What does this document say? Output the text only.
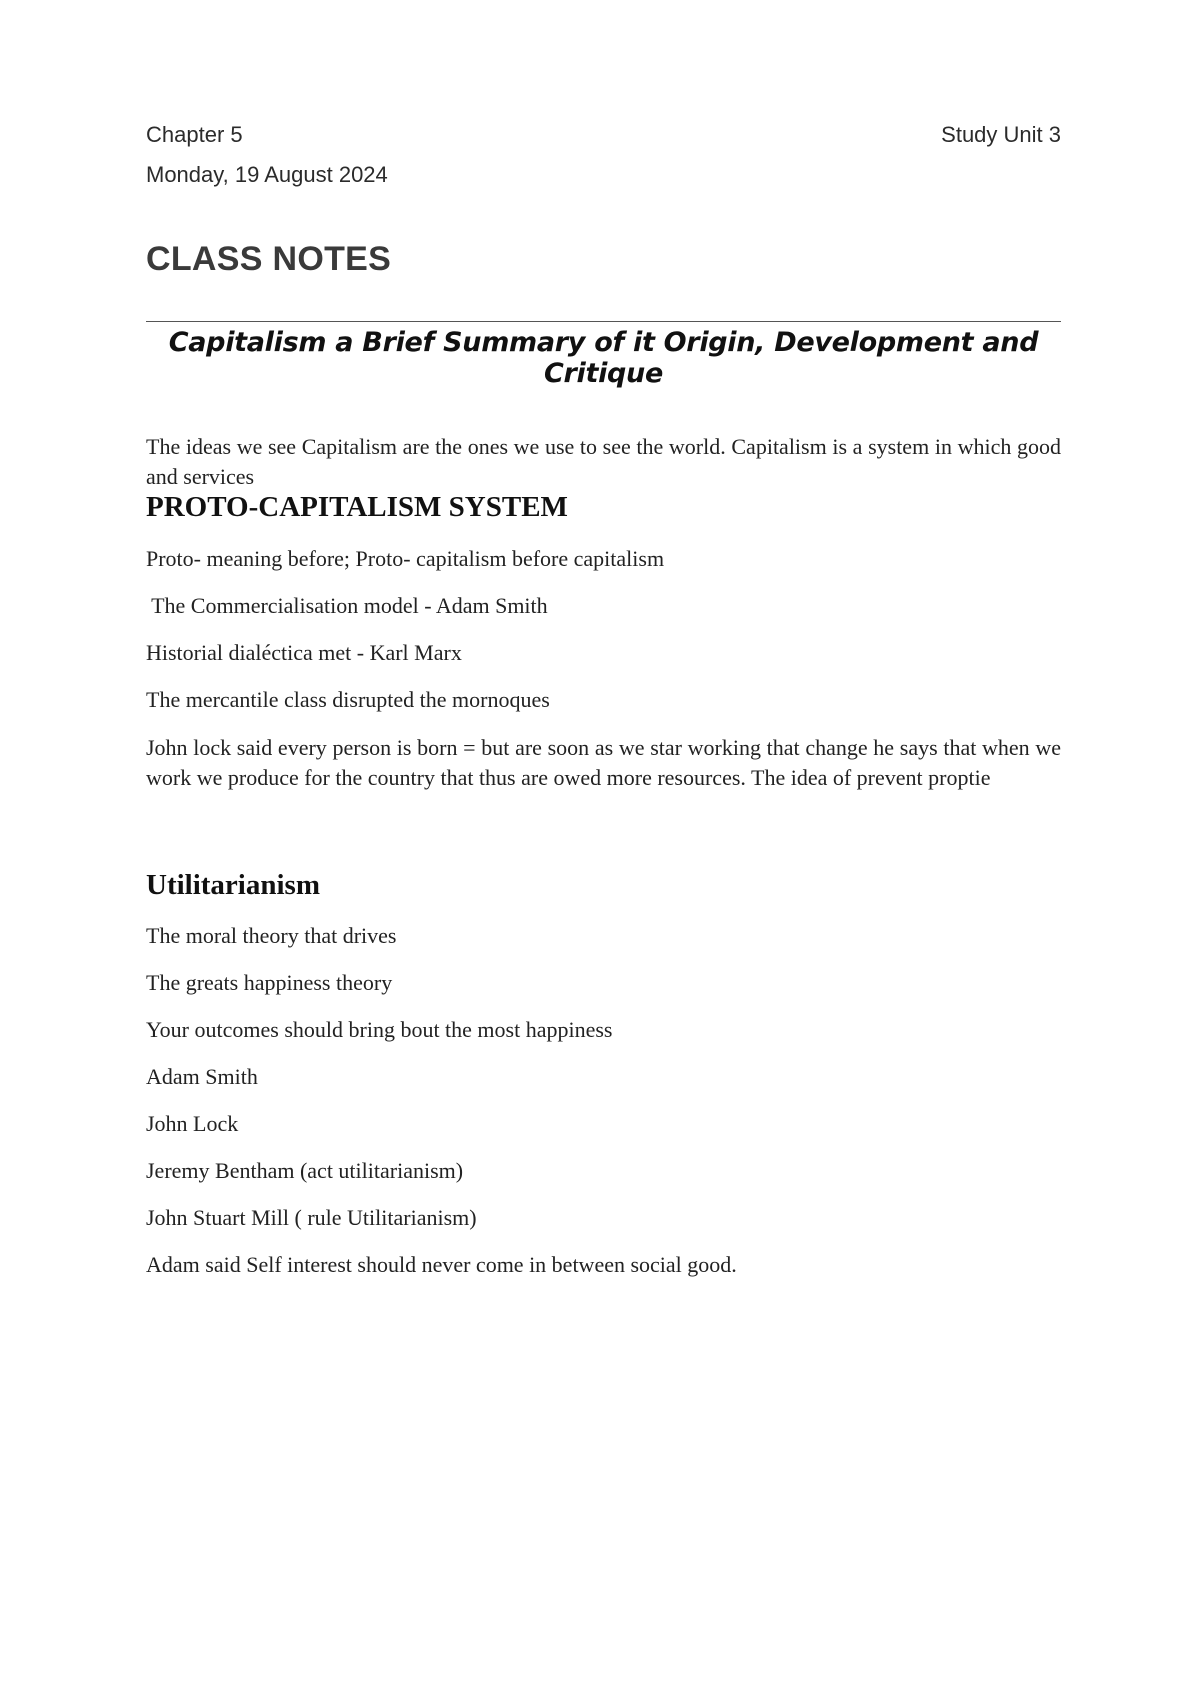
Chapter 5	Study Unit 3
Monday, 19 August 2024
CLASS NOTES
Capitalism a Brief Summary of it Origin, Development and Critique
The ideas we see Capitalism are the ones we use to see the world. Capitalism is a system in which good and services
PROTO-CAPITALISM SYSTEM
Proto- meaning before; Proto- capitalism before capitalism
The Commercialisation model - Adam Smith
Historial dialéctica met - Karl Marx
The mercantile class disrupted the mornoques
John lock said every person is born = but are soon as we star working that change he says that when we work we produce for the country that thus are owed more resources. The idea of prevent proptie
Utilitarianism
The moral theory that drives
The greats happiness theory
Your outcomes should bring bout the most happiness
Adam Smith
John Lock
Jeremy Bentham (act utilitarianism)
John Stuart Mill ( rule Utilitarianism)
Adam said Self interest should never come in between social good.
